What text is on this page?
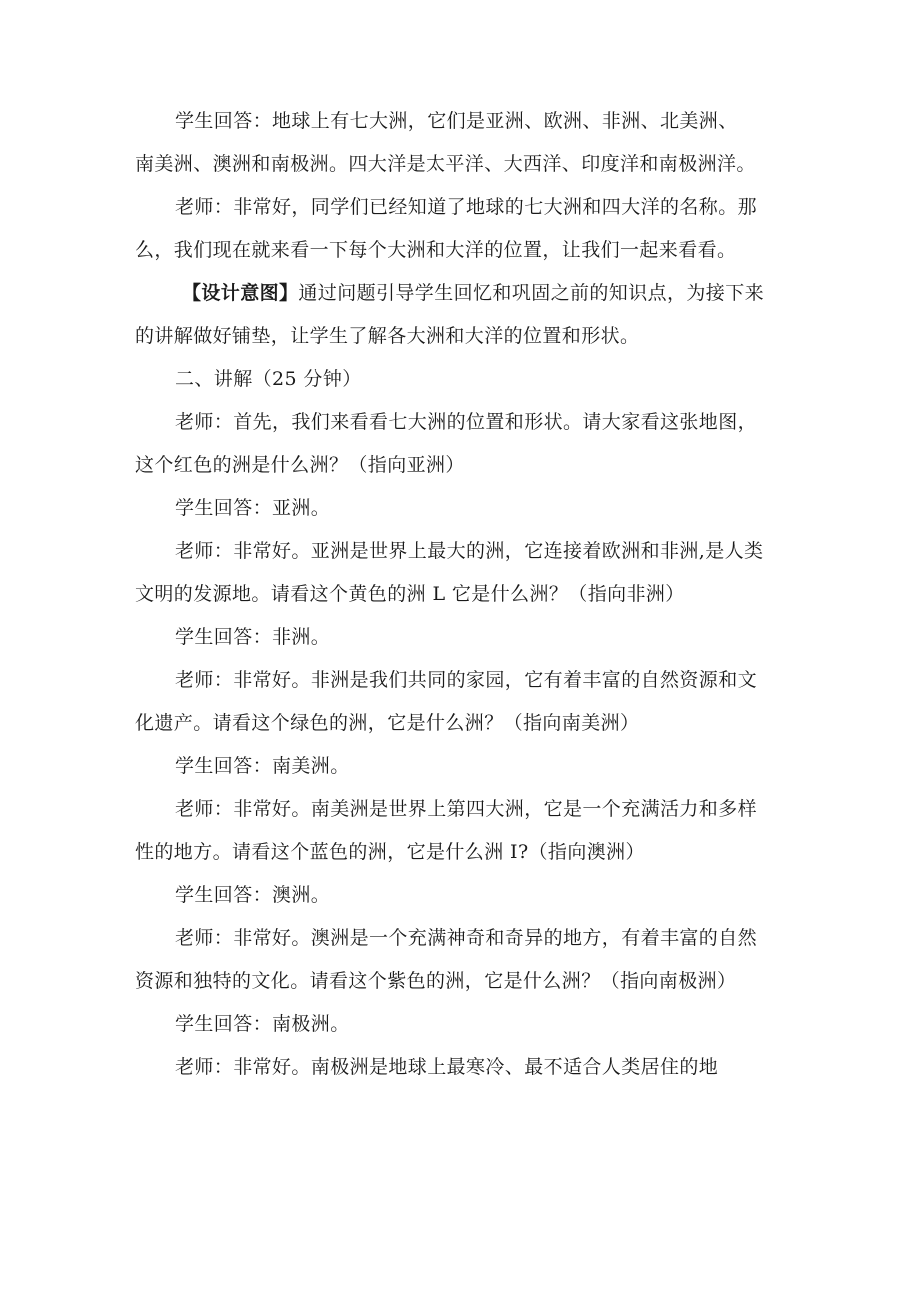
学生回答：地球上有七大洲，它们是亚洲、欧洲、非洲、北美洲、
南美洲、澳洲和南极洲。四大洋是太平洋、大西洋、印度洋和南极洲洋。

老师：非常好，同学们已经知道了地球的七大洲和四大洋的名称。那
么，我们现在就来看一下每个大洲和大洋的位置，让我们一起来看看。

【设计意图】通过问题引导学生回忆和巩固之前的知识点，为接下来
的讲解做好铺垫，让学生了解各大洲和大洋的位置和形状。

二、讲解（25 分钟）

老师：首先，我们来看看七大洲的位置和形状。请大家看这张地图，
这个红色的洲是什么洲？（指向亚洲）

学生回答：亚洲。

老师：非常好。亚洲是世界上最大的洲，它连接着欧洲和非洲,是人类
文明的发源地。请看这个黄色的洲 L 它是什么洲？（指向非洲）

学生回答：非洲。

老师：非常好。非洲是我们共同的家园，它有着丰富的自然资源和文
化遗产。请看这个绿色的洲，它是什么洲？（指向南美洲）

学生回答：南美洲。

老师：非常好。南美洲是世界上第四大洲，它是一个充满活力和多样
性的地方。请看这个蓝色的洲，它是什么洲 I?（指向澳洲）

学生回答：澳洲。

老师：非常好。澳洲是一个充满神奇和奇异的地方，有着丰富的自然
资源和独特的文化。请看这个紫色的洲，它是什么洲？（指向南极洲）

学生回答：南极洲。

老师：非常好。南极洲是地球上最寒冷、最不适合人类居住的地
